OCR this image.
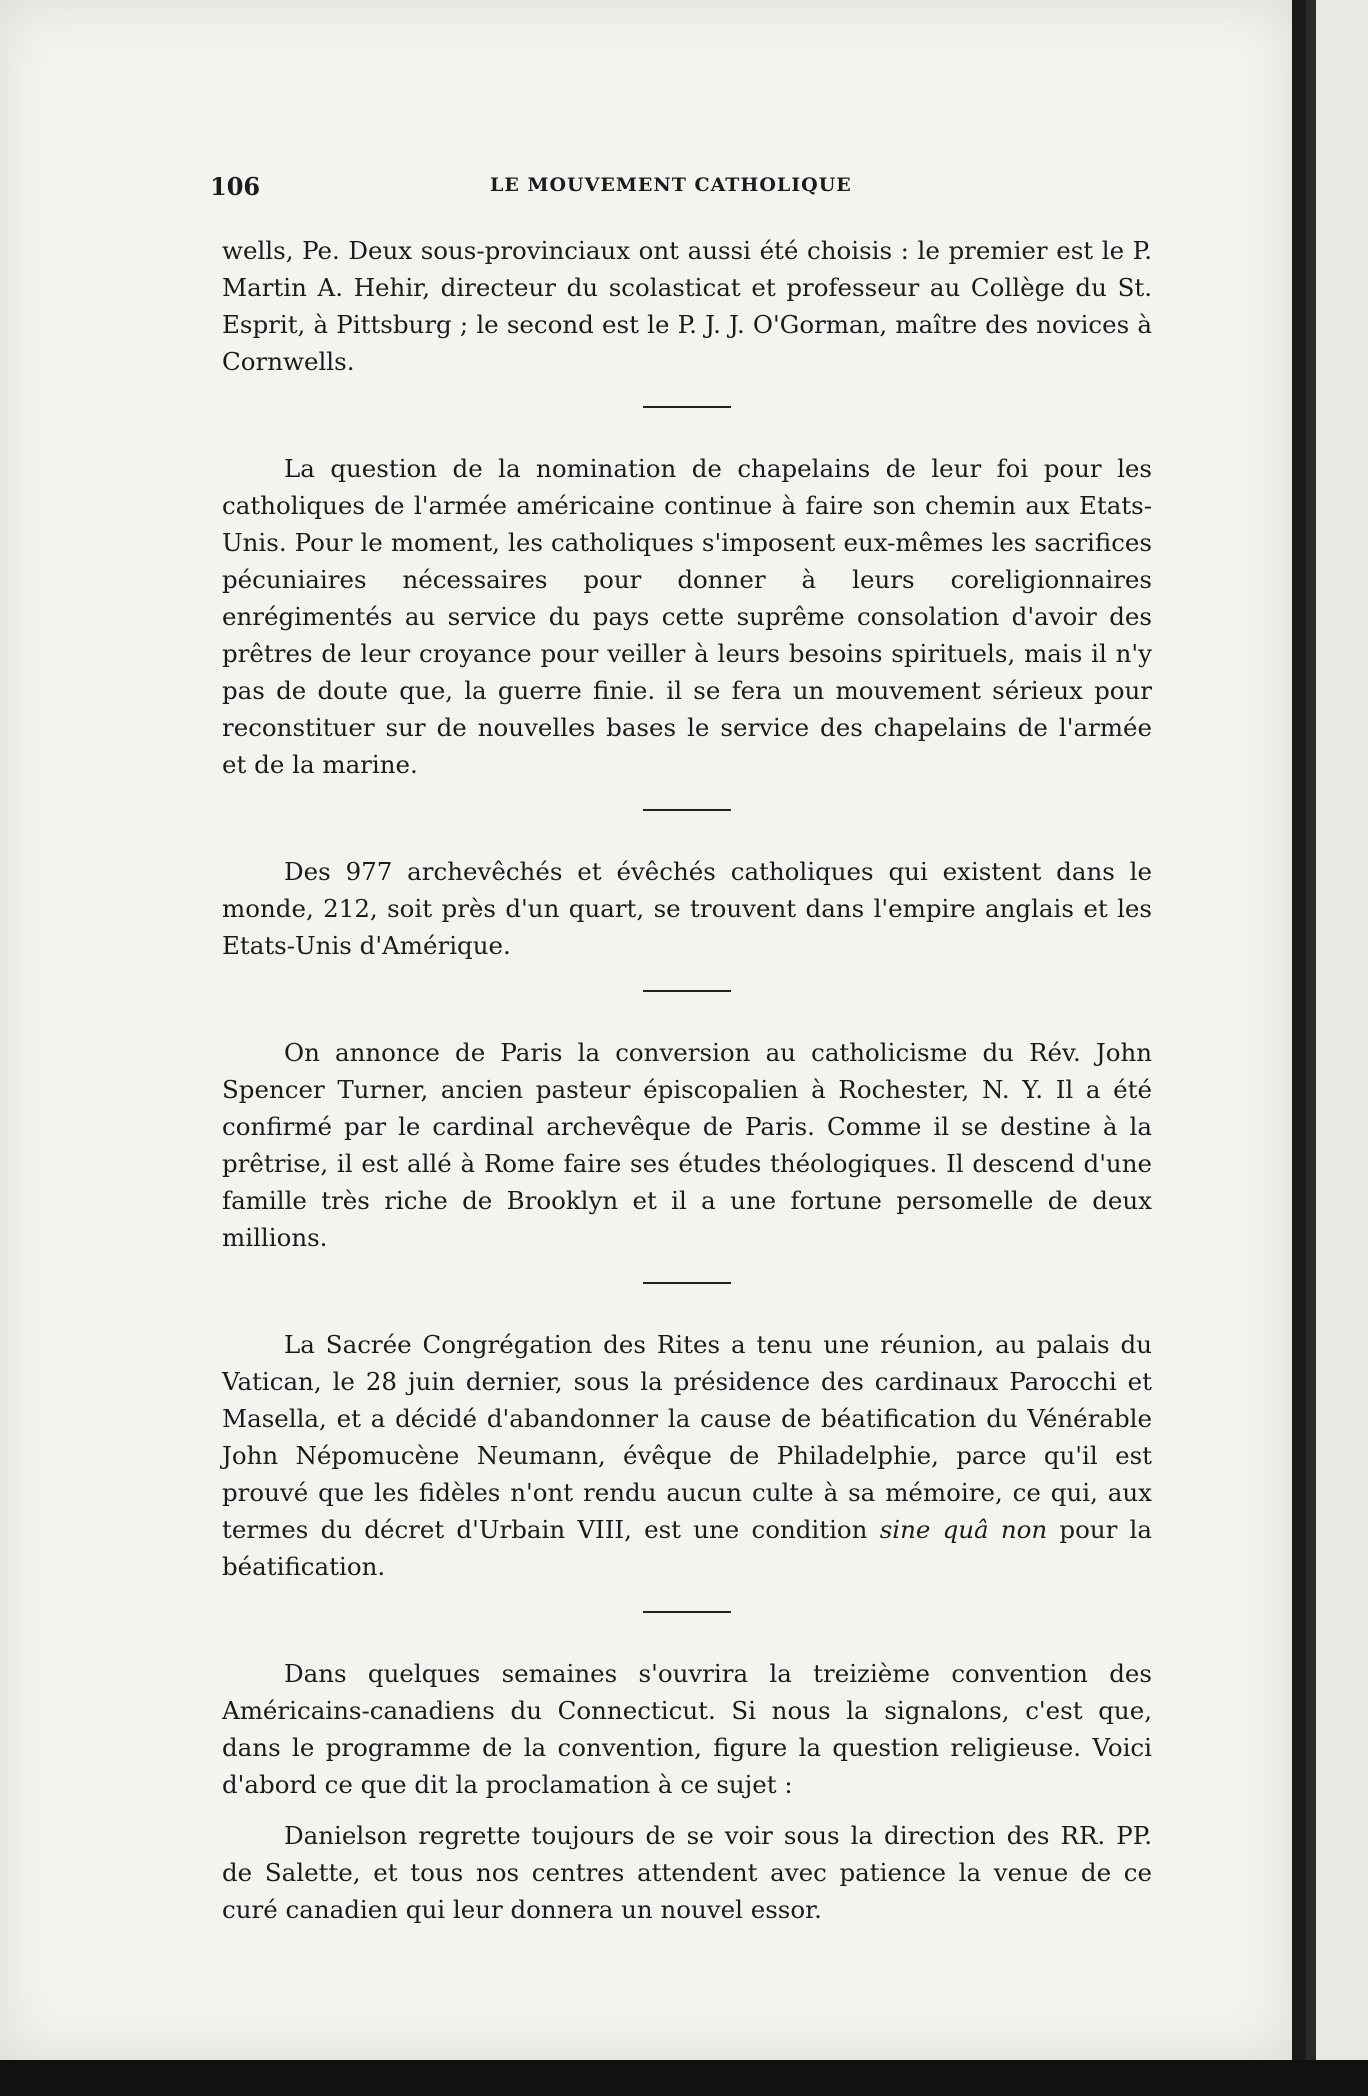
106	LE MOUVEMENT CATHOLIQUE

wells, Pe. Deux sous-provinciaux ont aussi été choisis : le premier est le P. Martin A. Hehir, directeur du scolasticat et professeur au Collège du St. Esprit, à Pittsburg ; le second est le P. J. J. O'Gorman, maître des novices à Cornwells.

La question de la nomination de chapelains de leur foi pour les catholiques de l'armée américaine continue à faire son chemin aux Etats-Unis. Pour le moment, les catholiques s'imposent eux-mêmes les sacrifices pécuniaires nécessaires pour donner à leurs coreligionnaires enrégimentés au service du pays cette suprême consolation d'avoir des prêtres de leur croyance pour veiller à leurs besoins spirituels, mais il n'y pas de doute que, la guerre finie. il se fera un mouvement sérieux pour reconstituer sur de nouvelles bases le service des chapelains de l'armée et de la marine.

Des 977 archevêchés et évêchés catholiques qui existent dans le monde, 212, soit près d'un quart, se trouvent dans l'empire anglais et les Etats-Unis d'Amérique.

On annonce de Paris la conversion au catholicisme du Rév. John Spencer Turner, ancien pasteur épiscopalien à Rochester, N. Y. Il a été confirmé par le cardinal archevêque de Paris. Comme il se destine à la prêtrise, il est allé à Rome faire ses études théologiques. Il descend d'une famille très riche de Brooklyn et il a une fortune persomelle de deux millions.

La Sacrée Congrégation des Rites a tenu une réunion, au palais du Vatican, le 28 juin dernier, sous la présidence des cardinaux Parocchi et Masella, et a décidé d'abandonner la cause de béatification du Vénérable John Népomucène Neumann, évêque de Philadelphie, parce qu'il est prouvé que les fidèles n'ont rendu aucun culte à sa mémoire, ce qui, aux termes du décret d'Urbain VIII, est une condition sine quâ non pour la béatification.

Dans quelques semaines s'ouvrira la treizième convention des Américains-canadiens du Connecticut. Si nous la signalons, c'est que, dans le programme de la convention, figure la question religieuse. Voici d'abord ce que dit la proclamation à ce sujet :

Danielson regrette toujours de se voir sous la direction des RR. PP. de Salette, et tous nos centres attendent avec patience la venue de ce curé canadien qui leur donnera un nouvel essor.
